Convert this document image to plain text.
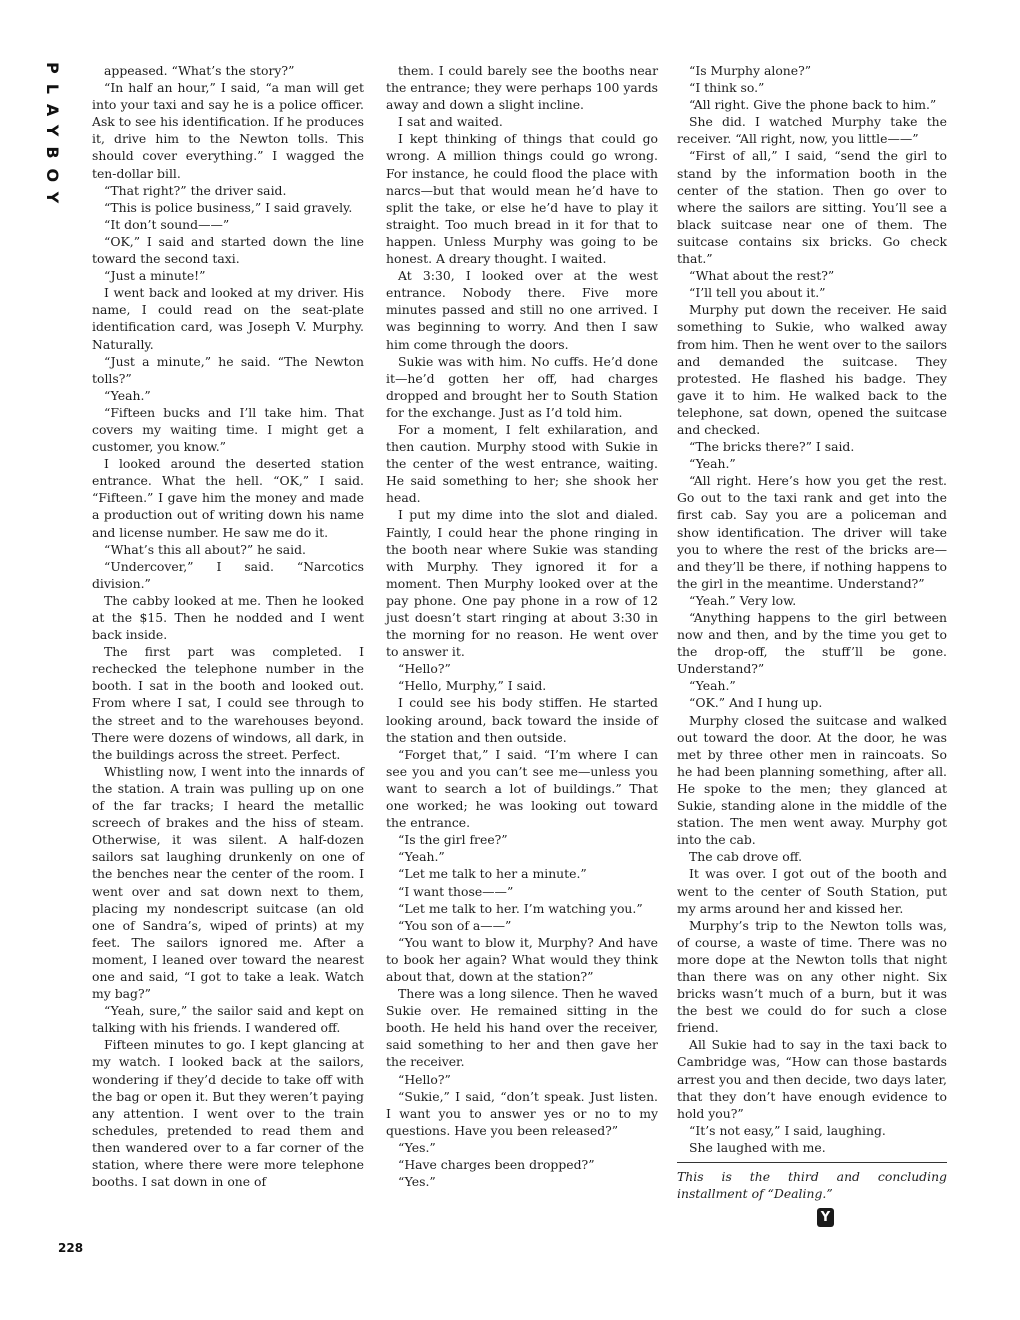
PLAYBOY	appeased. “What’s the story?”

“In half an hour,” I said, “a man will get into your taxi and say he is a police officer. Ask to see his identification. If he produces it, drive him to the Newton tolls. This should cover everything.” I wagged the ten-dollar bill.

“That right?” the driver said.

“This is police business,” I said gravely.

“It don’t sound——”

“OK,” I said and started down the line toward the second taxi.

“Just a minute!”

I went back and looked at my driver. His name, I could read on the seat-plate identification card, was Joseph V. Murphy. Naturally.

“Just a minute,” he said. “The Newton tolls?”

“Yeah.”

“Fifteen bucks and I’ll take him. That covers my waiting time. I might get a customer, you know.”

I looked around the deserted station entrance. What the hell. “OK,” I said. “Fifteen.” I gave him the money and made a production out of writing down his name and license number. He saw me do it.

“What’s this all about?” he said.

“Undercover,” I said. “Narcotics division.”

The cabby looked at me. Then he looked at the $15. Then he nodded and I went back inside.

The first part was completed. I rechecked the telephone number in the booth. I sat in the booth and looked out. From where I sat, I could see through to the street and to the warehouses beyond. There were dozens of windows, all dark, in the buildings across the street. Perfect.

Whistling now, I went into the innards of the station. A train was pulling up on one of the far tracks; I heard the metallic screech of brakes and the hiss of steam. Otherwise, it was silent. A half-dozen sailors sat laughing drunkenly on one of the benches near the center of the room. I went over and sat down next to them, placing my nondescript suitcase (an old one of Sandra’s, wiped of prints) at my feet. The sailors ignored me. After a moment, I leaned over toward the nearest one and said, “I got to take a leak. Watch my bag?”

“Yeah, sure,” the sailor said and kept on talking with his friends. I wandered off.

Fifteen minutes to go. I kept glancing at my watch. I looked back at the sailors, wondering if they’d decide to take off with the bag or open it. But they weren’t paying any attention. I went over to the train schedules, pretended to read them and then wandered over to a far corner of the station, where there were more telephone booths. I sat down in one of

them. I could barely see the booths near the entrance; they were perhaps 100 yards away and down a slight incline.

I sat and waited.

I kept thinking of things that could go wrong. A million things could go wrong. For instance, he could flood the place with narcs—but that would mean he’d have to split the take, or else he’d have to play it straight. Too much bread in it for that to happen. Unless Murphy was going to be honest. A dreary thought. I waited.

At 3:30, I looked over at the west entrance. Nobody there. Five more minutes passed and still no one arrived. I was beginning to worry. And then I saw him come through the doors.

Sukie was with him. No cuffs. He’d done it—he’d gotten her off, had charges dropped and brought her to South Station for the exchange. Just as I’d told him.

For a moment, I felt exhilaration, and then caution. Murphy stood with Sukie in the center of the west entrance, waiting. He said something to her; she shook her head.

I put my dime into the slot and dialed. Faintly, I could hear the phone ringing in the booth near where Sukie was standing with Murphy. They ignored it for a moment. Then Murphy looked over at the pay phone. One pay phone in a row of 12 just doesn’t start ringing at about 3:30 in the morning for no reason. He went over to answer it.

“Hello?”

“Hello, Murphy,” I said.

I could see his body stiffen. He started looking around, back toward the inside of the station and then outside.

“Forget that,” I said. “I’m where I can see you and you can’t see me—unless you want to search a lot of buildings.” That one worked; he was looking out toward the entrance.

“Is the girl free?”

“Yeah.”

“Let me talk to her a minute.”

“I want those——”

“Let me talk to her. I’m watching you.”

“You son of a——”

“You want to blow it, Murphy? And have to book her again? What would they think about that, down at the station?”

There was a long silence. Then he waved Sukie over. He remained sitting in the booth. He held his hand over the receiver, said something to her and then gave her the receiver.

“Hello?”

“Sukie,” I said, “don’t speak. Just listen. I want you to answer yes or no to my questions. Have you been released?”

“Yes.”

“Have charges been dropped?”

“Yes.”

“Is Murphy alone?”

“I think so.”

“All right. Give the phone back to him.”

She did. I watched Murphy take the receiver. “All right, now, you little——”

“First of all,” I said, “send the girl to stand by the information booth in the center of the station. Then go over to where the sailors are sitting. You’ll see a black suitcase near one of them. The suitcase contains six bricks. Go check that.”

“What about the rest?”

“I’ll tell you about it.”

Murphy put down the receiver. He said something to Sukie, who walked away from him. Then he went over to the sailors and demanded the suitcase. They protested. He flashed his badge. They gave it to him. He walked back to the telephone, sat down, opened the suitcase and checked.

“The bricks there?” I said.

“Yeah.”

“All right. Here’s how you get the rest. Go out to the taxi rank and get into the first cab. Say you are a policeman and show identification. The driver will take you to where the rest of the bricks are—and they’ll be there, if nothing happens to the girl in the meantime. Understand?”

“Yeah.” Very low.

“Anything happens to the girl between now and then, and by the time you get to the drop-off, the stuff’ll be gone. Understand?”

“Yeah.”

“OK.” And I hung up.

Murphy closed the suitcase and walked out toward the door. At the door, he was met by three other men in raincoats. So he had been planning something, after all. He spoke to the men; they glanced at Sukie, standing alone in the middle of the station. The men went away. Murphy got into the cab.

The cab drove off.

It was over. I got out of the booth and went to the center of South Station, put my arms around her and kissed her.

Murphy’s trip to the Newton tolls was, of course, a waste of time. There was no more dope at the Newton tolls that night than there was on any other night. Six bricks wasn’t much of a burn, but it was the best we could do for such a close friend.

All Sukie had to say in the taxi back to Cambridge was, “How can those bastards arrest you and then decide, two days later, that they don’t have enough evidence to hold you?”

“It’s not easy,” I said, laughing.

She laughed with me.

This is the third and concluding installment of “Dealing.”

Y
228
